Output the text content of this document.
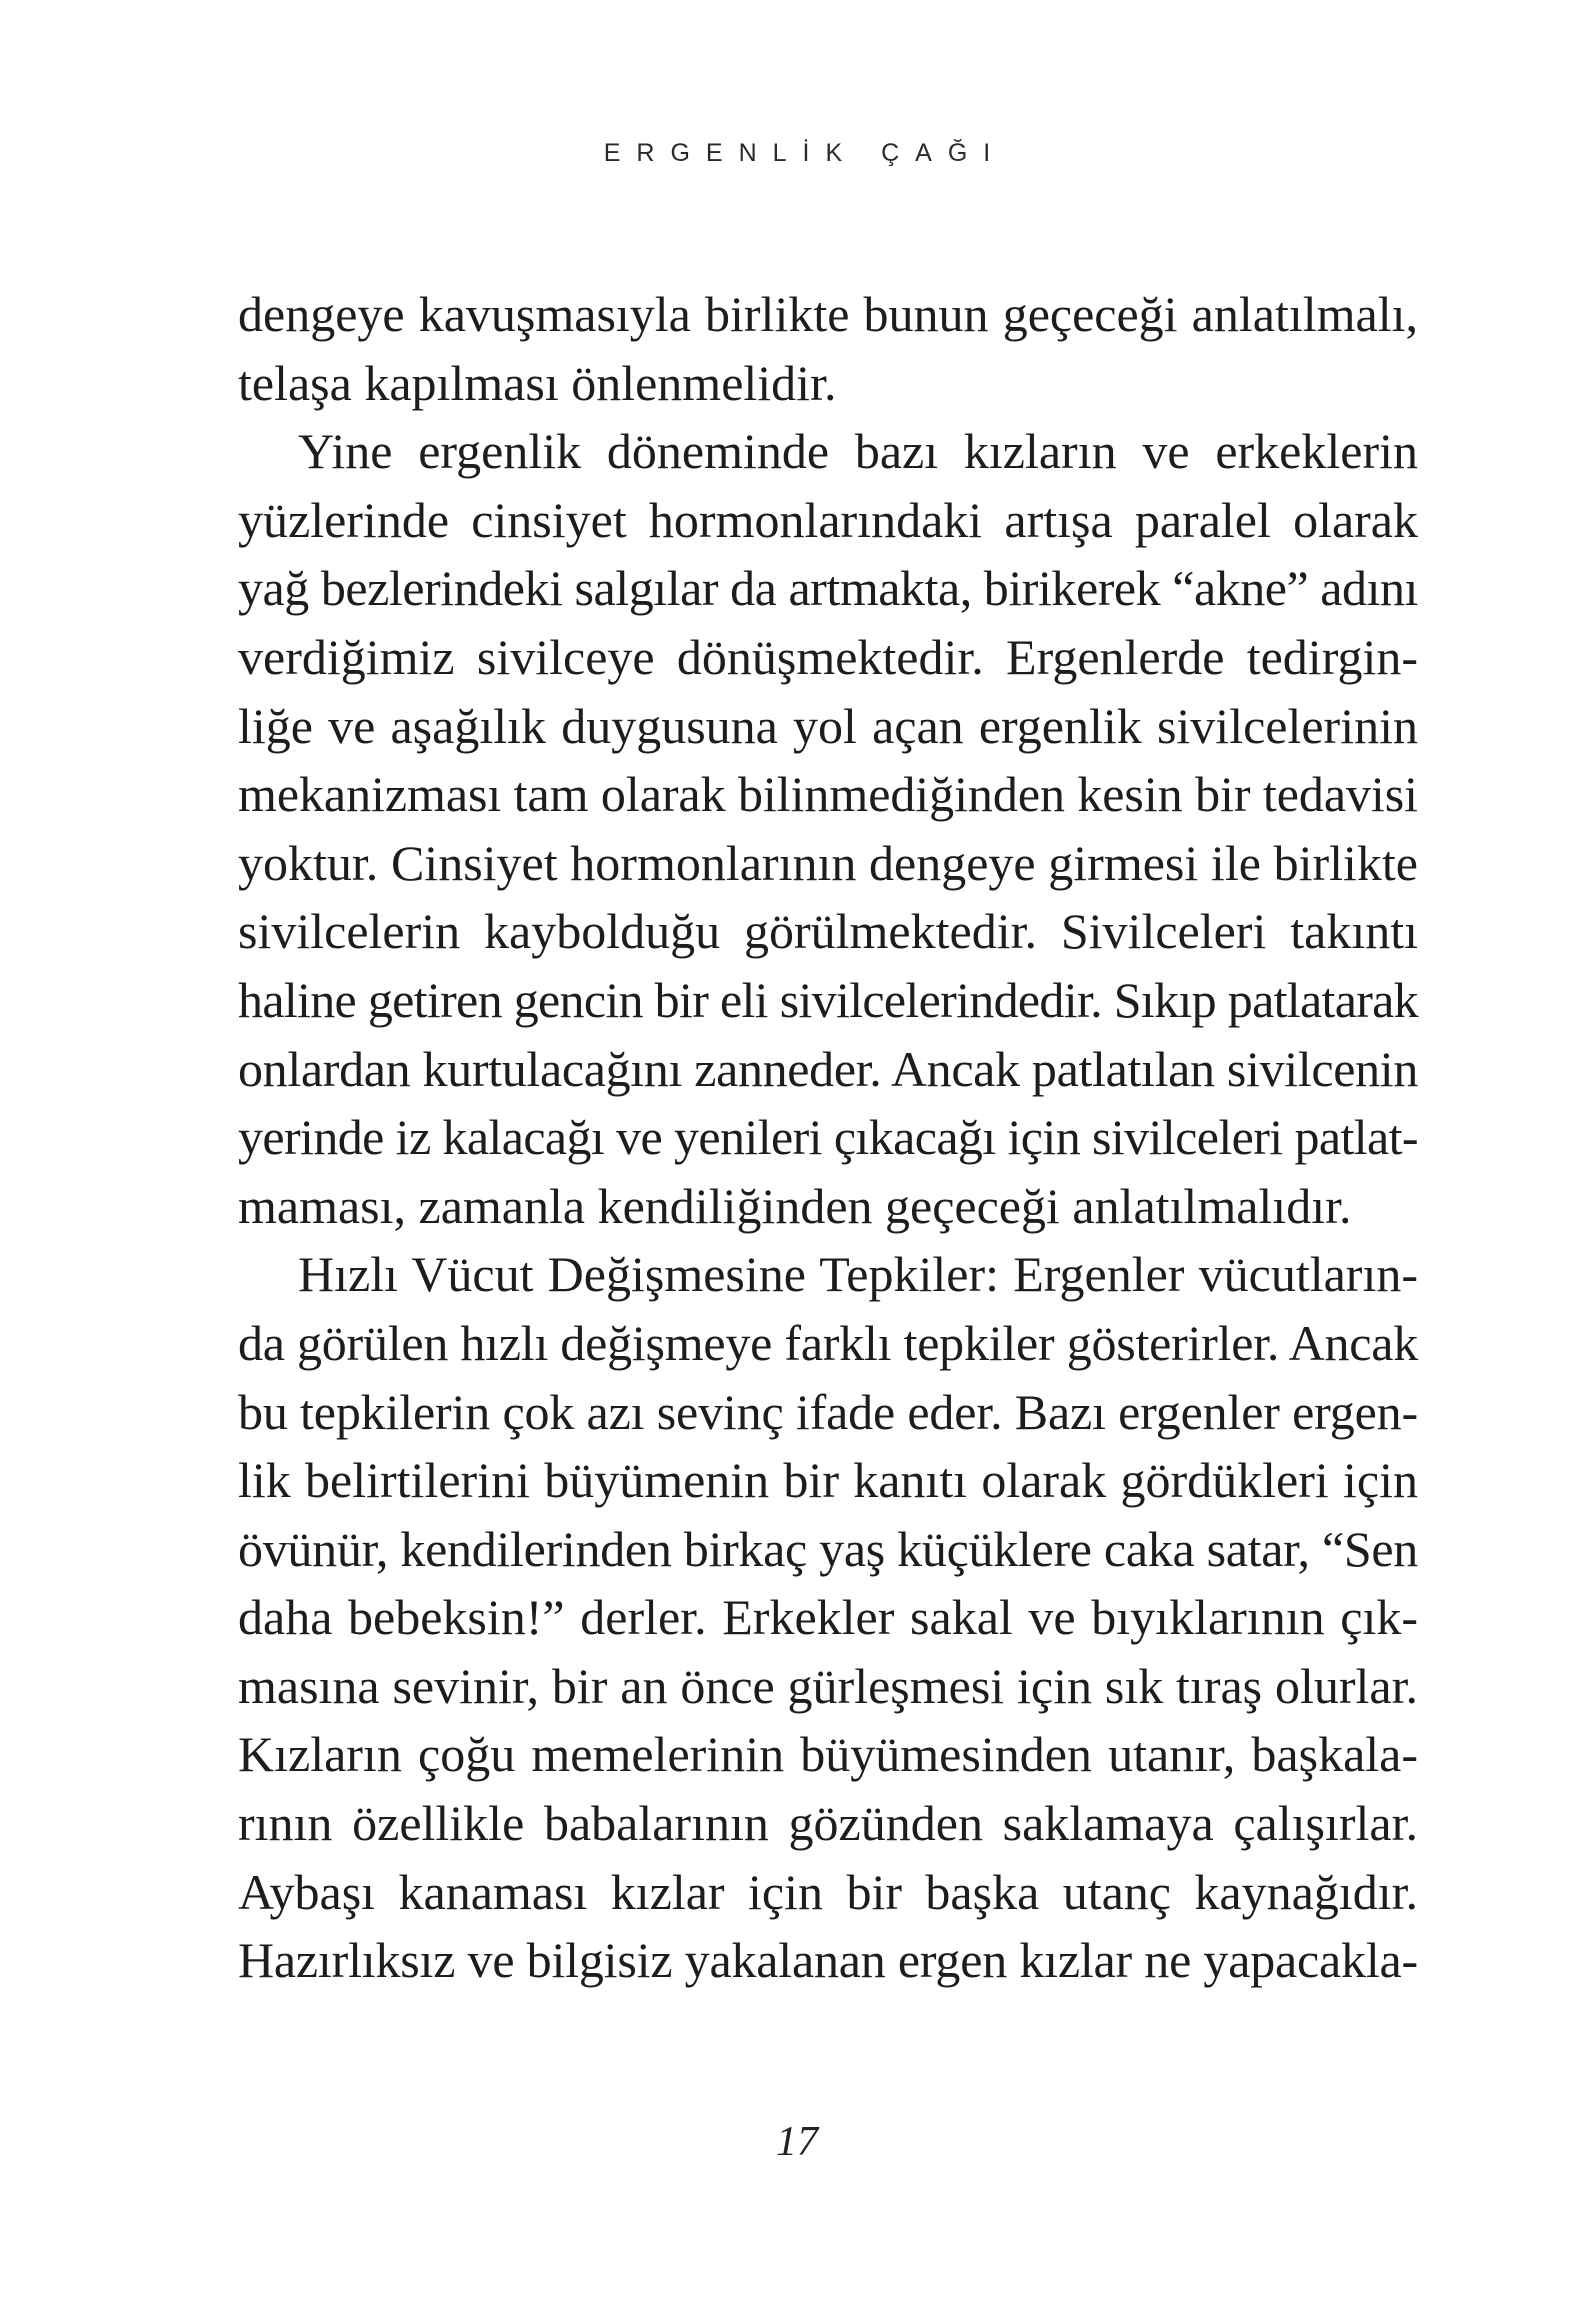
ERGENLİK ÇAĞI
dengeye kavuşmasıyla birlikte bunun geçeceği anlatılmalı,
telaşa kapılması önlenmelidir.
Yine ergenlik döneminde bazı kızların ve erkeklerin
yüzlerinde cinsiyet hormonlarındaki artışa paralel olarak
yağ bezlerindeki salgılar da artmakta, birikerek “akne” adını
verdiğimiz sivilceye dönüşmektedir. Ergenlerde tedirgin-
liğe ve aşağılık duygusuna yol açan ergenlik sivilcelerinin
mekanizması tam olarak bilinmediğinden kesin bir tedavisi
yoktur. Cinsiyet hormonlarının dengeye girmesi ile birlikte
sivilcelerin kaybolduğu görülmektedir. Sivilceleri takıntı
haline getiren gencin bir eli sivilcelerindedir. Sıkıp patlatarak
onlardan kurtulacağını zanneder. Ancak patlatılan sivilcenin
yerinde iz kalacağı ve yenileri çıkacağı için sivilceleri patlat-
maması, zamanla kendiliğinden geçeceği anlatılmalıdır.
Hızlı Vücut Değişmesine Tepkiler: Ergenler vücutların-
da görülen hızlı değişmeye farklı tepkiler gösterirler. Ancak
bu tepkilerin çok azı sevinç ifade eder. Bazı ergenler ergen-
lik belirtilerini büyümenin bir kanıtı olarak gördükleri için
övünür, kendilerinden birkaç yaş küçüklere caka satar, “Sen
daha bebeksin!” derler. Erkekler sakal ve bıyıklarının çık-
masına sevinir, bir an önce gürleşmesi için sık tıraş olurlar.
Kızların çoğu memelerinin büyümesinden utanır, başkala-
rının özellikle babalarının gözünden saklamaya çalışırlar.
Aybaşı kanaması kızlar için bir başka utanç kaynağıdır.
Hazırlıksız ve bilgisiz yakalanan ergen kızlar ne yapacakla-
17
